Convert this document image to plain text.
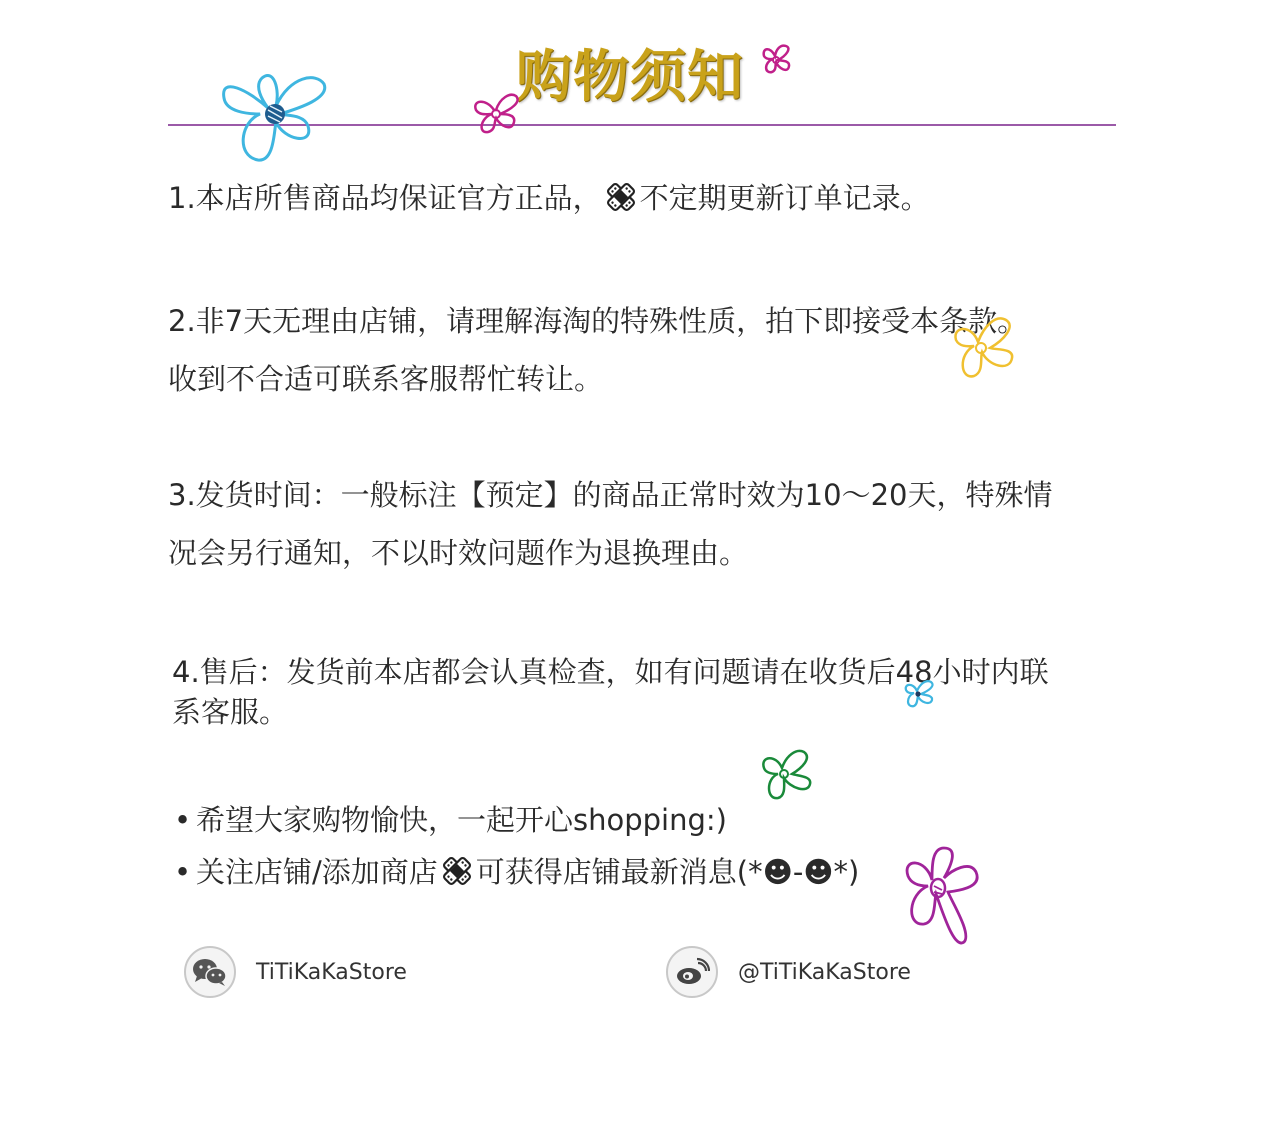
购物须知
1.本店所售商品均保证官方正品， 不定期更新订单记录。
2.非7天无理由店铺，请理解海淘的特殊性质，拍下即接受本条款。
收到不合适可联系客服帮忙转让。
3.发货时间：一般标注【预定】的商品正常时效为10～20天，特殊情
况会另行通知，不以时效问题作为退换理由。
4.售后：发货前本店都会认真检查，如有问题请在收货后48小时内联
系客服。
• 希望大家购物愉快，一起开心shopping:)
• 关注店铺/添加商店 可获得店铺最新消息(*☻-☻*)
TiTiKaKaStore	@TiTiKaKaStore
